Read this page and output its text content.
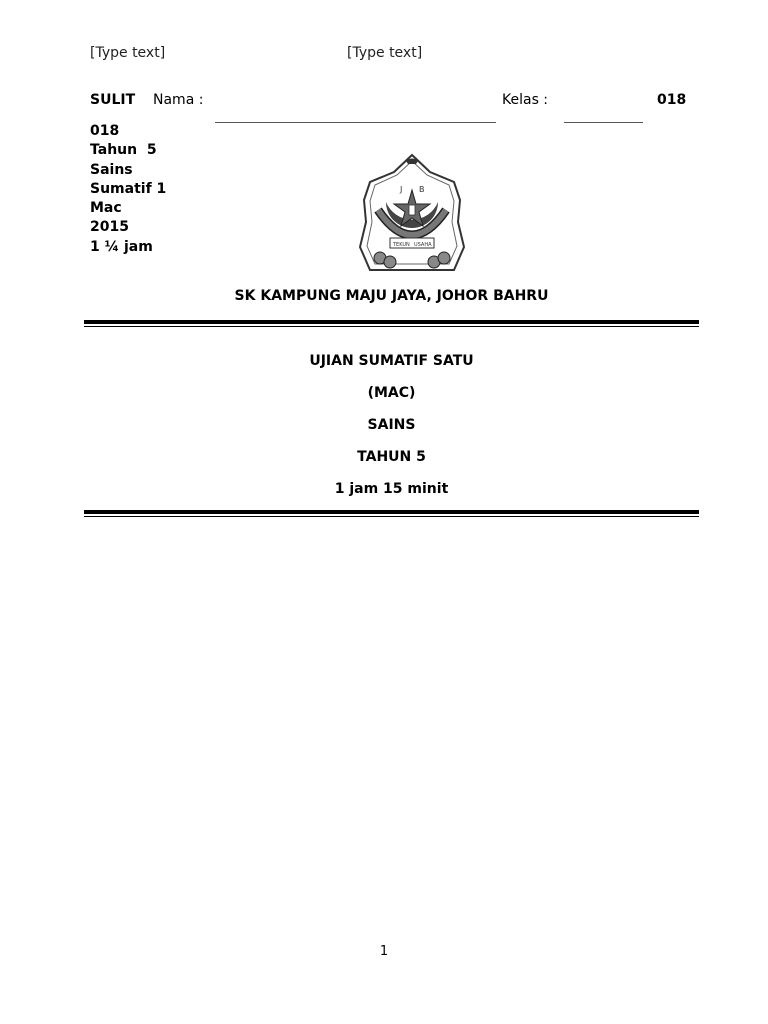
[Type text]	[Type text]
SULIT Nama :	Kelas :	018
018
Tahun  5
Sains
Sumatif 1
Mac
2015
1 ¼ jam
J B
TEKUN USAHA
SK KAMPUNG MAJU JAYA, JOHOR BAHRU
UJIAN SUMATIF SATU
(MAC)
SAINS
TAHUN 5
1 jam 15 minit
1
